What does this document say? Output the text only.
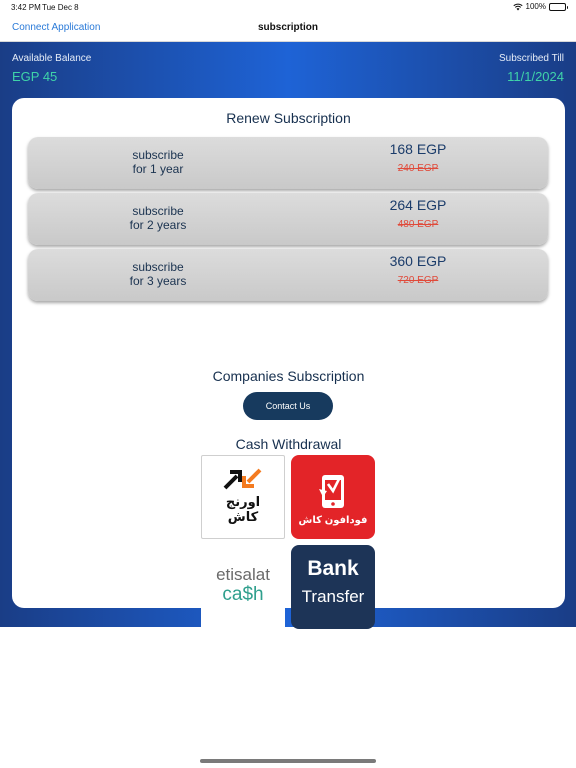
3:42 PM Tue Dec 8	100%
Connect Application	subscription
Available Balance
EGP 45
Subscribed Till
11/1/2024
Renew Subscription
subscribe
for 1 year
168 EGP
240 EGP
subscribe
for 2 years
264 EGP
480 EGP
subscribe
for 3 years
360 EGP
720 EGP
Companies Subscription
Contact Us
Cash Withdrawal
اورنج
كاش	فودافون كاش
etisalat
ca$h
Bank
Transfer
